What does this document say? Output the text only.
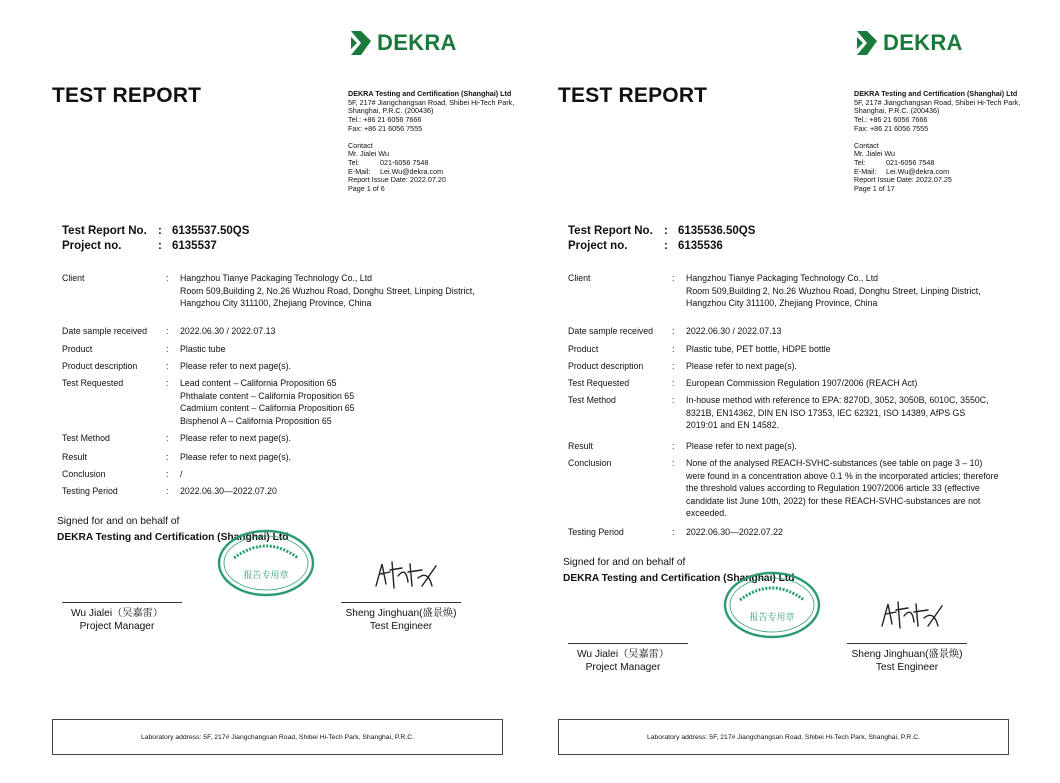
DEKRA
TEST REPORT	DEKRA Testing and Certification (Shanghai) Ltd
5F, 217# Jiangchangsan Road, Shibei Hi-Tech Park,
Shanghai, P.R.C. (200436)
Tel.: +86 21 6056 7666
Fax: +86 21 6056 7555
Contact
Mr. Jialei Wu
Tel:	021-6056 7548
E-Mail: Lei.Wu@dekra.com
Report Issue Date: 2022.07.20
Page 1 of 6
Test Report No. : 6135537.50QS
Project no.	: 6135537
Client	:	Hangzhou Tianye Packaging Technology Co., Ltd
Room 509,Building 2, No.26 Wuzhou Road, Donghu Street, Linping District,
Hangzhou City 311100, Zhejiang Province, China
Date sample received	:	2022.06.30 / 2022.07.13
Product	:	Plastic tube
Product description	:	Please refer to next page(s).
Test Requested	:	Lead content – California Proposition 65
Phthalate content – California Proposition 65
Cadmium content – California Proposition 65
Bisphenol A – California Proposition 65
Test Method	:	Please refer to next page(s).
Result	:	Please refer to next page(s).
Conclusion	:	/
Testing Period	:	2022.06.30—2022.07.20
Signed for and on behalf of
DEKRA Testing and Certification (Shanghai) Ltd
报告专用章
Wu Jialei（吴嘉雷）
Project Manager
Sheng Jinghuan(盛景焕)
Test Engineer
Laboratory address: 5F, 217# Jiangchangsan Road, Shibei Hi-Tech Park, Shanghai, P.R.C.
DEKRA
TEST REPORT	DEKRA Testing and Certification (Shanghai) Ltd
5F, 217# Jiangchangsan Road, Shibei Hi-Tech Park,
Shanghai, P.R.C. (200436)
Tel.: +86 21 6056 7666
Fax: +86 21 6056 7555
Contact
Mr. Jialei Wu
Tel:	021-6056 7548
E-Mail: Lei.Wu@dekra.com
Report Issue Date: 2022.07.25
Page 1 of 17
Test Report No. : 6135536.50QS
Project no.	: 6135536
Client	:	Hangzhou Tianye Packaging Technology Co., Ltd
Room 509,Building 2, No.26 Wuzhou Road, Donghu Street, Linping District,
Hangzhou City 311100, Zhejiang Province, China
Date sample received	:	2022.06.30 / 2022.07.13
Product	:	Plastic tube, PET bottle, HDPE bottle
Product description	:	Please refer to next page(s).
Test Requested	:	European Commission Regulation 1907/2006 (REACH Act)
Test Method	:	In-house method with reference to EPA: 8270D, 3052, 3050B, 6010C, 3550C,
8321B, EN14362, DIN EN ISO 17353, IEC 62321, ISO 14389, AfPS GS
2019:01 and EN 14582.
Result	:	Please refer to next page(s).
Conclusion	:	None of the analysed REACH-SVHC-substances (see table on page 3 – 10)
were found in a concentration above 0.1 % in the incorporated articles; therefore
the threshold values according to Regulation 1907/2006 article 33 (effective
candidate list June 10th, 2022) for these REACH-SVHC-substances are not
exceeded.
Testing Period	:	2022.06.30—2022.07.22
Signed for and on behalf of
DEKRA Testing and Certification (Shanghai) Ltd
报告专用章
Wu Jialei（吴嘉雷）
Project Manager
Sheng Jinghuan(盛景焕)
Test Engineer
Laboratory address: 5F, 217# Jiangchangsan Road, Shibei Hi-Tech Park, Shanghai, P.R.C.
